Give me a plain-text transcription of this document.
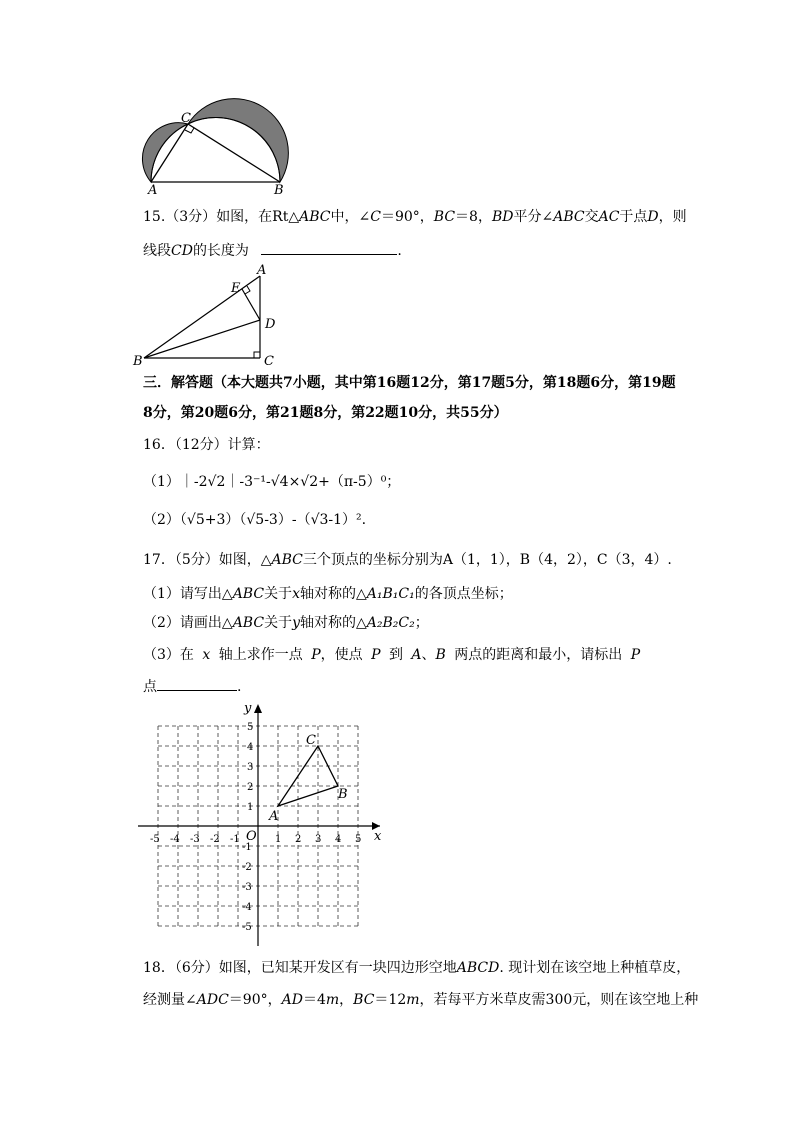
A	B
C
15.（3分）如图，在Rt△ABC中，∠C＝90°，BC＝8，BD平分∠ABC交AC于点D，则
线段CD的长度为	.
A
E
D
B	C
三．解答题（本大题共7小题，其中第16题12分，第17题5分，第18题6分，第19题
8分，第20题6分，第21题8分，第22题10分，共55分）
16．（12分）计算：
（1）｜-2√2｜-3⁻¹-√4×√2+（π-5）⁰；
（2）（√5+3）（√5-3）-（√3-1）².
17．（5分）如图，△ABC三个顶点的坐标分别为A（1，1），B（4，2），C（3，4）.
（1）请写出△ABC关于x轴对称的△A₁B₁C₁的各顶点坐标；
（2）请画出△ABC关于y轴对称的△A₂B₂C₂；
（3）在 x 轴上求作一点 P，使点 P 到 A、B 两点的距离和最小，请标出 P
点	.
x
y
O
-5 -4 -3 -2 -1	1 2 3 4 5
5
4
3
2
1
-1
-2
-3
-4
-5
A
B
C
18．（6分）如图，已知某开发区有一块四边形空地ABCD. 现计划在该空地上种植草皮，
经测量∠ADC＝90°，AD＝4m，BC＝12m，若每平方米草皮需300元，则在该空地上种
